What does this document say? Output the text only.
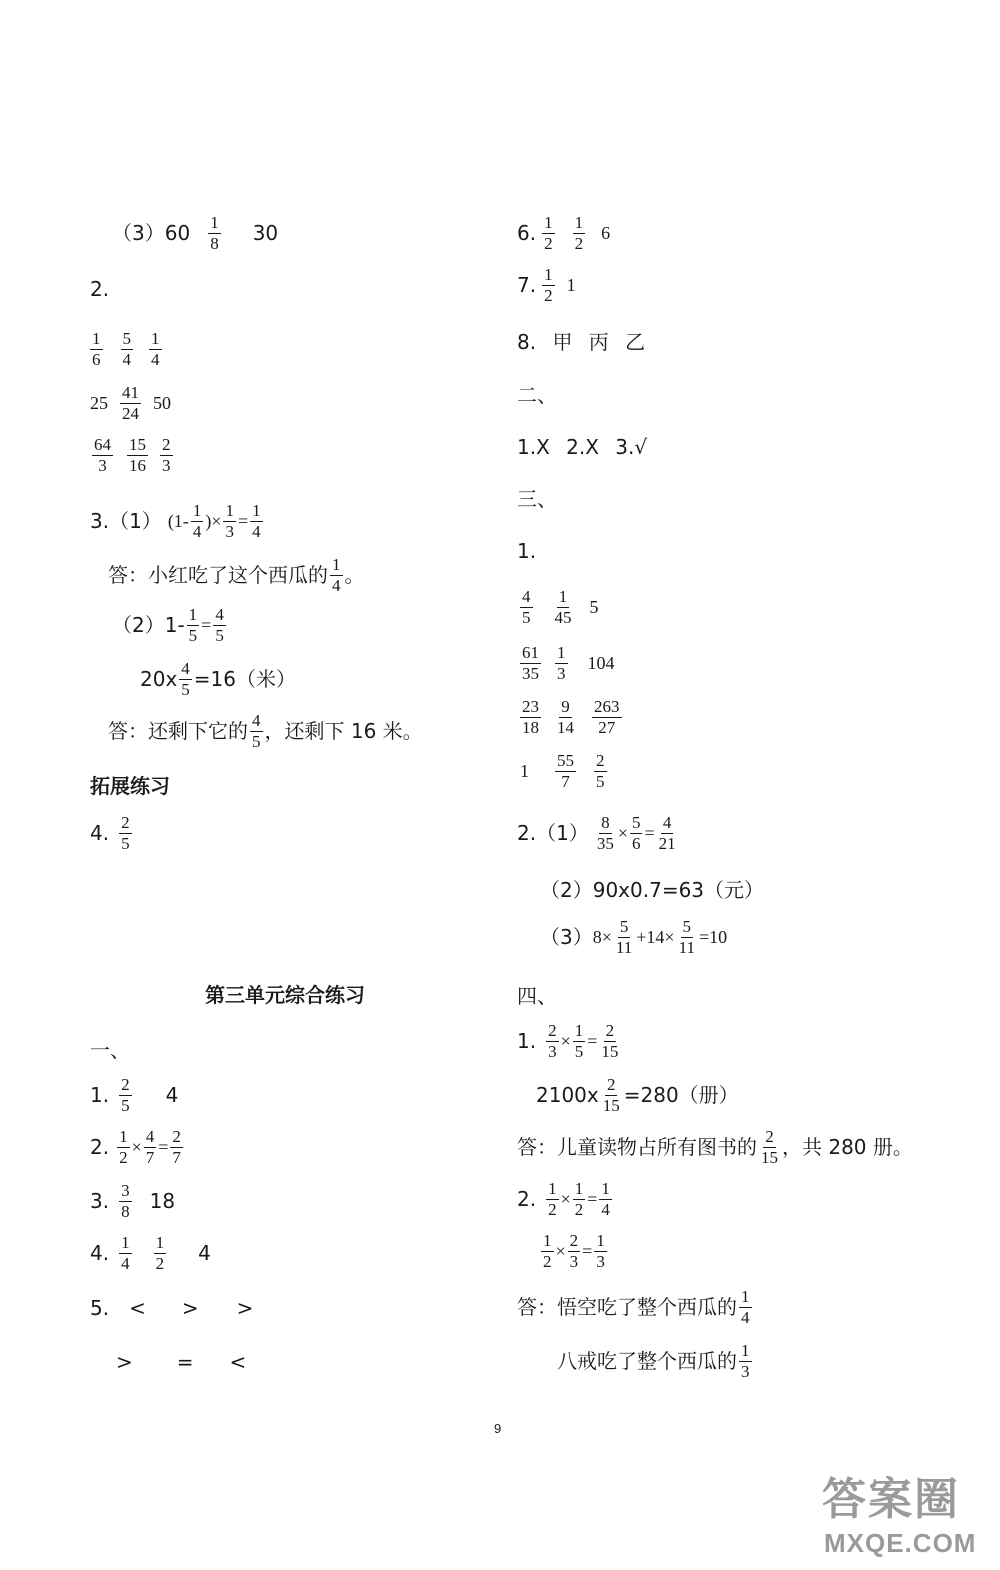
$(3)60 \frac{1}{8} 30$
2.
$\frac{1}{6} \frac{5}{4} \frac{1}{4}$
$25 \frac{41}{24} 50$
$\frac{64}{3} \frac{15}{16} \frac{2}{3}$
3.（1） ($1- \frac{1}{4}$ )× $\frac{1}{3} = \frac{1}{4}$
答：小红吃了这个西瓜的 $\frac{1}{4}$ 。
$(2)1- \frac{1}{5} = \frac{4}{5}$
$20x \frac{4}{5} =16$（米）
答：还剩下它的 $\frac{4}{5}$ ，还剩下 16 米。
拓展练习
4. $\frac{2}{5}$
第三单元综合练习
一、
1. $\frac{2}{5} 4$
2. $\frac{1}{2} \times \frac{4}{7} = \frac{2}{7}$
3. $\frac{3}{8} 18$
4. $\frac{1}{4} \frac{1}{2} 4$
5. < > >
> = <
6. $\frac{1}{2} \frac{1}{2} 6$
7. $\frac{1}{2} 1$
8. 甲 丙 乙
二、
1.X 2.X 3.√
三、
1.
$\frac{4}{5} \frac{1}{45} 5$
$\frac{61}{35} \frac{1}{3} 104$
$\frac{23}{18} \frac{9}{14} \frac{263}{27}$
$1 \frac{55}{7} \frac{2}{5}$
$2.(1) \frac{8}{35} \times \frac{5}{6} = \frac{4}{21}$
（2）90x0.7=63（元）
（3） $8\times \frac{5}{11} +14\times \frac{5}{11} =10$
四、
1. $\frac{2}{3} \times \frac{1}{5} = \frac{2}{15}$
$2100x \frac{2}{15} =280$（册）
答：儿童读物占所有图书的 $\frac{2}{15}$ ，共 280 册。
2. $\frac{1}{2} \times \frac{1}{2} = \frac{1}{4}$
$\frac{1}{2} \times \frac{2}{3} = \frac{1}{3}$
答：悟空吃了整个西瓜的 $\frac{1}{4}$
八戒吃了整个西瓜的 $\frac{1}{3}$
9
答案圈
MXQE.COM
